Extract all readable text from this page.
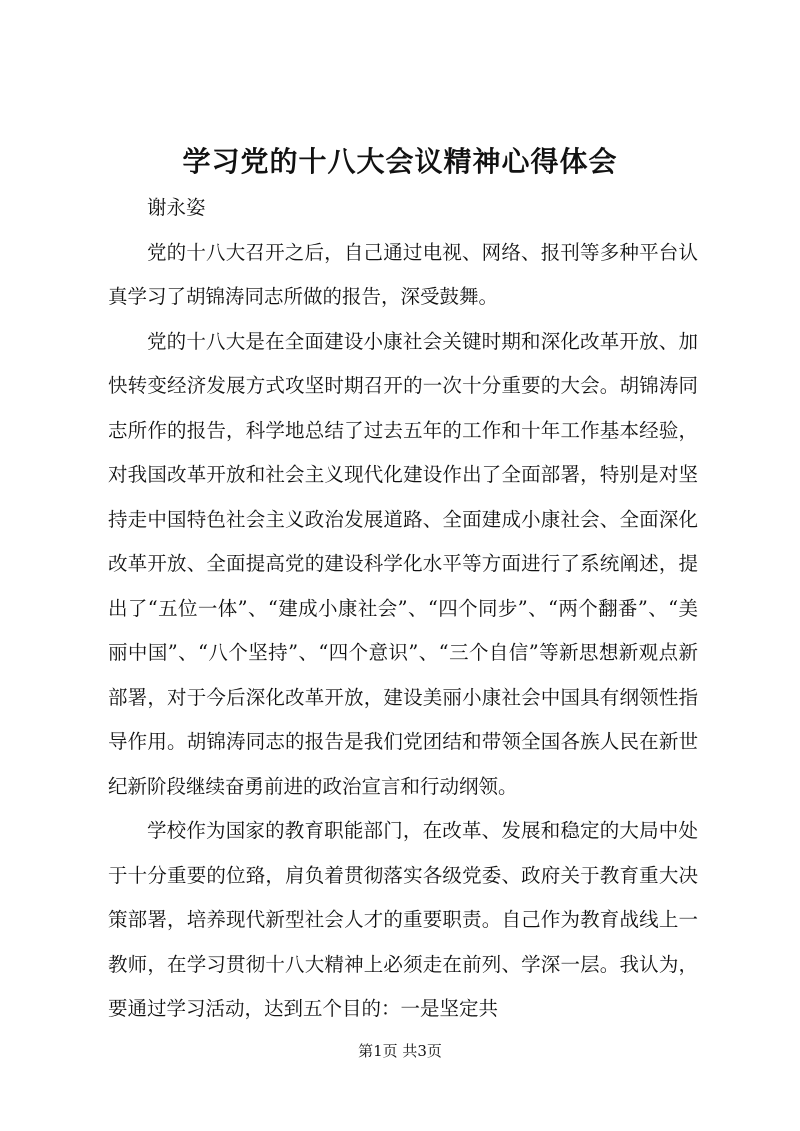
学习党的十八大会议精神心得体会

谢永姿

党的十八大召开之后，自己通过电视、网络、报刊等多种平台认真学习了胡锦涛同志所做的报告，深受鼓舞。

党的十八大是在全面建设小康社会关键时期和深化改革开放、加快转变经济发展方式攻坚时期召开的一次十分重要的大会。胡锦涛同志所作的报告，科学地总结了过去五年的工作和十年工作基本经验，对我国改革开放和社会主义现代化建设作出了全面部署，特别是对坚持走中国特色社会主义政治发展道路、全面建成小康社会、全面深化改革开放、全面提高党的建设科学化水平等方面进行了系统阐述，提出了“五位一体”、“建成小康社会”、“四个同步”、“两个翻番”、“美丽中国”、“八个坚持”、“四个意识”、“三个自信”等新思想新观点新部署，对于今后深化改革开放，建设美丽小康社会中国具有纲领性指导作用。胡锦涛同志的报告是我们党团结和带领全国各族人民在新世纪新阶段继续奋勇前进的政治宣言和行动纲领。

学校作为国家的教育职能部门，在改革、发展和稳定的大局中处于十分重要的位臵，肩负着贯彻落实各级党委、政府关于教育重大决策部署，培养现代新型社会人才的重要职责。自己作为教育战线上一教师，在学习贯彻十八大精神上必须走在前列、学深一层。我认为，要通过学习活动，达到五个目的：一是坚定共

第1页 共3页
